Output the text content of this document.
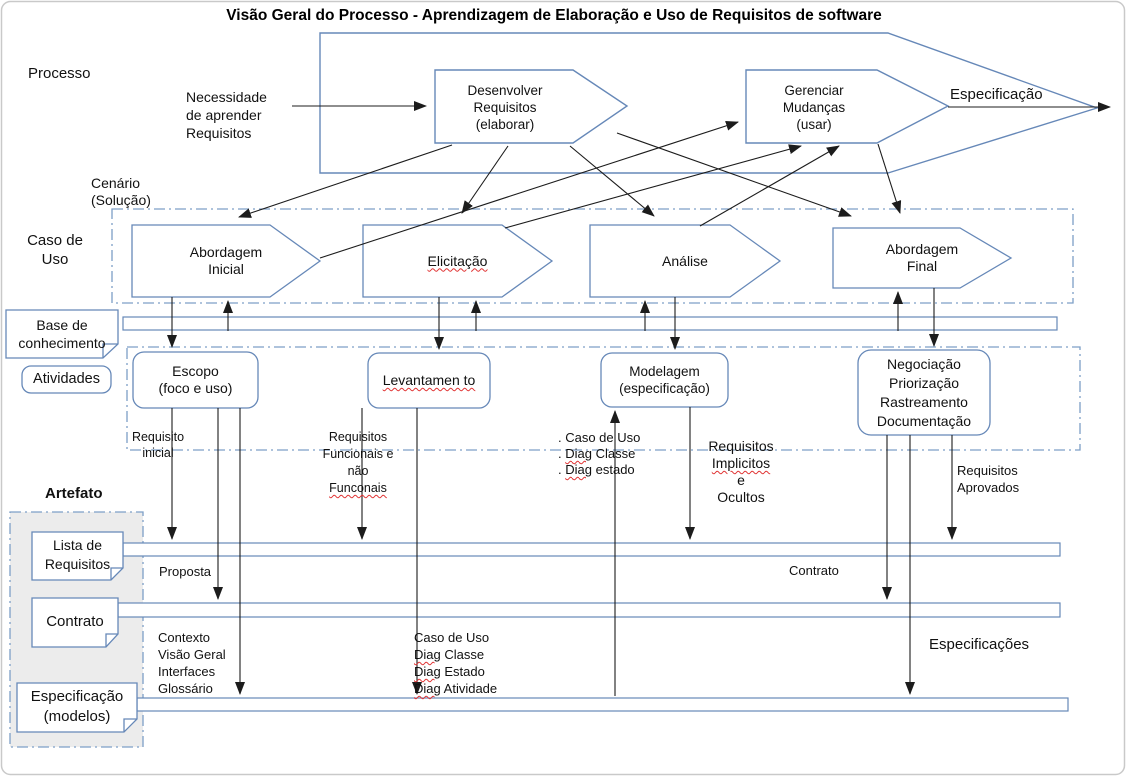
Visão Geral do Processo - Aprendizagem de Elaboração e Uso de Requisitos de software
Processo
Necessidade
de aprender
Requisitos
Desenvolver
Requisitos
(elaborar)
Gerenciar
Mudanças
(usar)
Especificação
Cenário
(Solução)
Caso de
Uso	Abordagem
Inicial
Elicitação	Análise
Abordagem
Final
Base de
conhecimento
Atividades	Escopo
(foco e uso)	Levantamen to
Modelagem
(especificação)
Negociação
Priorização
Rastreamento
Documentação
Artefato
Lista de
Requisitos
Contrato
Especificação
(modelos)
Requisito
inicial
Proposta
Contexto
Visão Geral
Interfaces
Glossário
Requisitos
Funcionais e
não
Funconais
. Caso de Uso
. Diag Classe
. Diag estado
Requisitos
Implicitos
e
Ocultos
Requisitos
Aprovados
Contrato
Especificações
Caso de Uso
Diag Classe
Diag Estado
Diag Atividade
